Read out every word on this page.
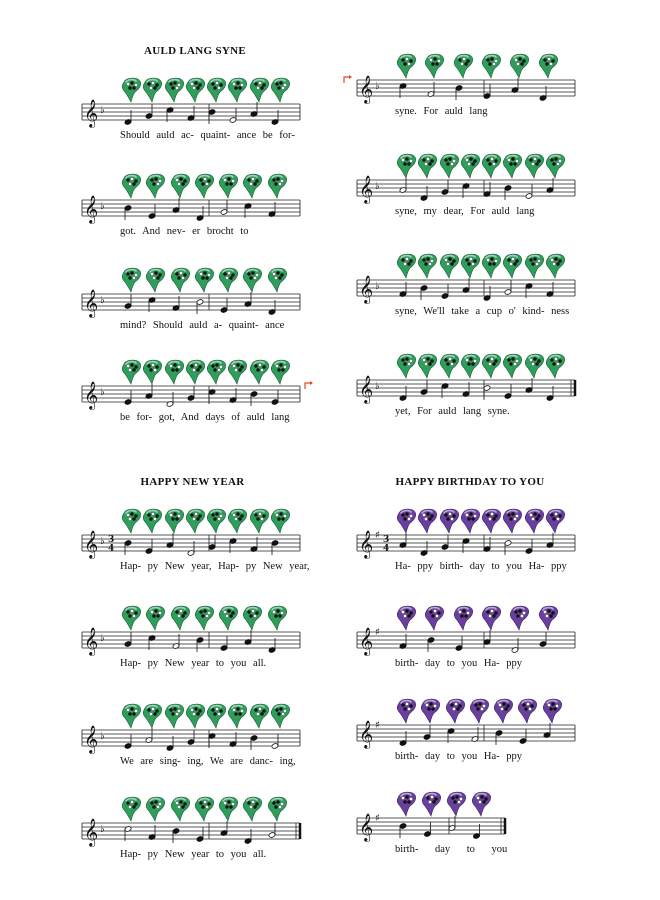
AULD LANG SYNE
HAPPY NEW YEAR	HAPPY BIRTHDAY TO YOU
𝄞 ♭
Should auld ac- quaint- ance be for-
𝄞 ♭
got. And nev- er brocht to
𝄞 ♭
mind? Should auld a- quaint- ance
𝄞 ♭
be for- got, And days of auld lang
𝄞 ♭
syne. For auld lang
𝄞 ♭
syne, my dear, For auld lang
𝄞 ♭
syne, We'll take a cup o' kind- ness
𝄞 ♭
yet, For auld lang syne.
𝄞 ♭ 3
4
Hap- py New year, Hap- py New year,
𝄞 ♭
Hap- py New year to you all.
𝄞 ♭
We are sing- ing, We are danc- ing,
𝄞 ♭
Hap- py New year to you all.
𝄞 ♯ 3
4
Ha- ppy birth- day to you Ha- ppy
𝄞 ♯
birth- day to you Ha- ppy
𝄞 ♯
birth- day to you Ha- ppy
𝄞 ♯
birth- day to you
